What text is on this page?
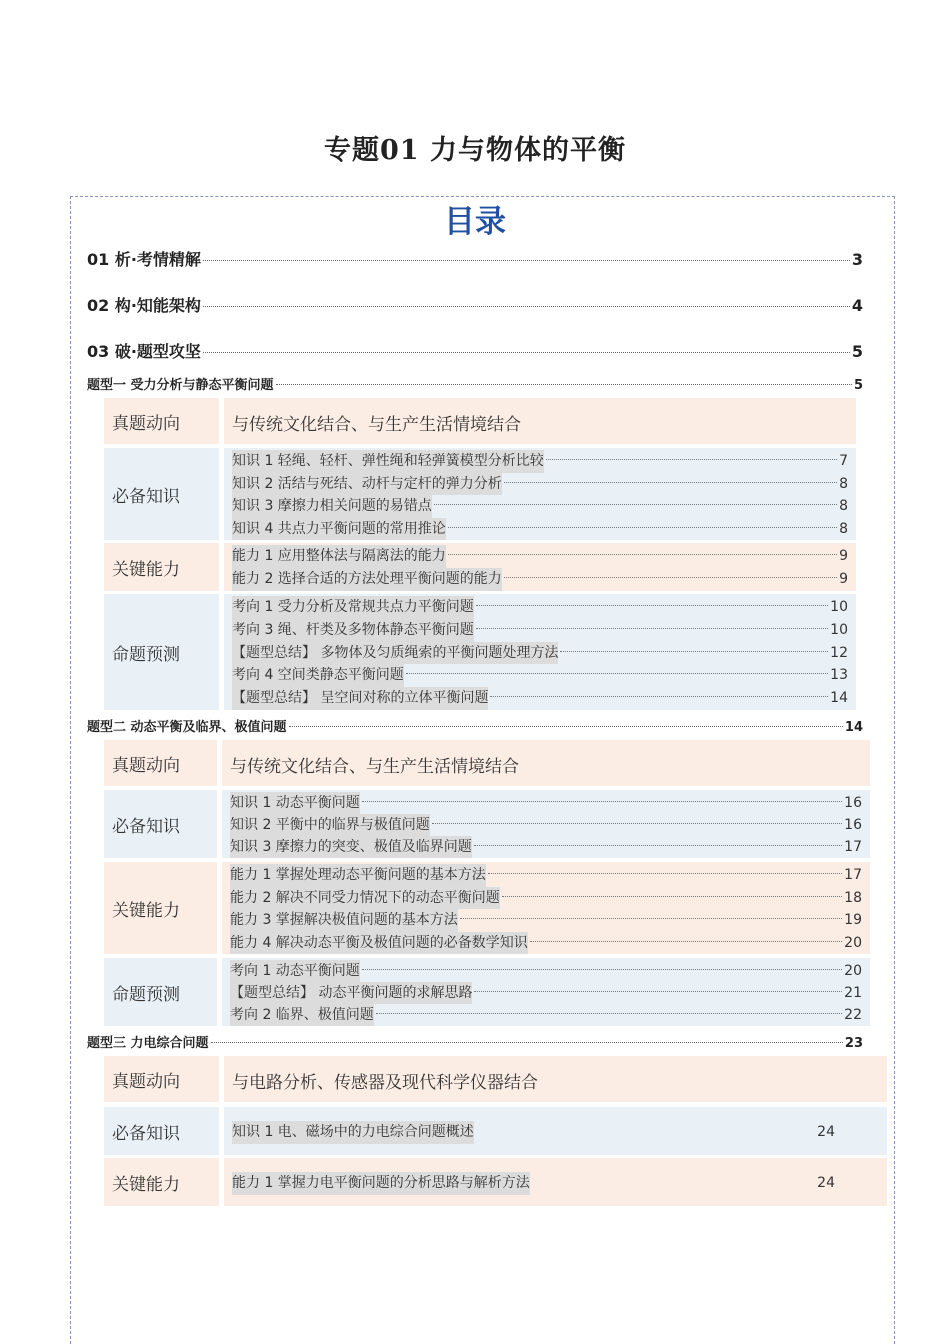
专题01 力与物体的平衡
目录
01 析·考情精解	3
02 构·知能架构	4
03 破·题型攻坚	5
题型一 受力分析与静态平衡问题	5
真题动向	与传统文化结合、与生产生活情境结合
必备知识
知识 1 轻绳、轻杆、弹性绳和轻弹簧模型分析比较	7
知识 2 活结与死结、动杆与定杆的弹力分析	8
知识 3 摩擦力相关问题的易错点	8
知识 4 共点力平衡问题的常用推论	8
关键能力
能力 1 应用整体法与隔离法的能力	9
能力 2 选择合适的方法处理平衡问题的能力	9
命题预测
考向 1 受力分析及常规共点力平衡问题	10
考向 3 绳、杆类及多物体静态平衡问题	10
【题型总结】 多物体及匀质绳索的平衡问题处理方法	12
考向 4 空间类静态平衡问题	13
【题型总结】 呈空间对称的立体平衡问题	14
题型二 动态平衡及临界、极值问题	14
真题动向	与传统文化结合、与生产生活情境结合
必备知识
知识 1 动态平衡问题	16
知识 2 平衡中的临界与极值问题	16
知识 3 摩擦力的突变、极值及临界问题	17
关键能力
能力 1 掌握处理动态平衡问题的基本方法	17
能力 2 解决不同受力情况下的动态平衡问题	18
能力 3 掌握解决极值问题的基本方法	19
能力 4 解决动态平衡及极值问题的必备数学知识	20
命题预测
考向 1 动态平衡问题	20
【题型总结】 动态平衡问题的求解思路	21
考向 2 临界、极值问题	22
题型三 力电综合问题	23
真题动向	与电路分析、传感器及现代科学仪器结合
必备知识	知识 1 电、磁场中的力电综合问题概述	24
关键能力	能力 1 掌握力电平衡问题的分析思路与解析方法	24
